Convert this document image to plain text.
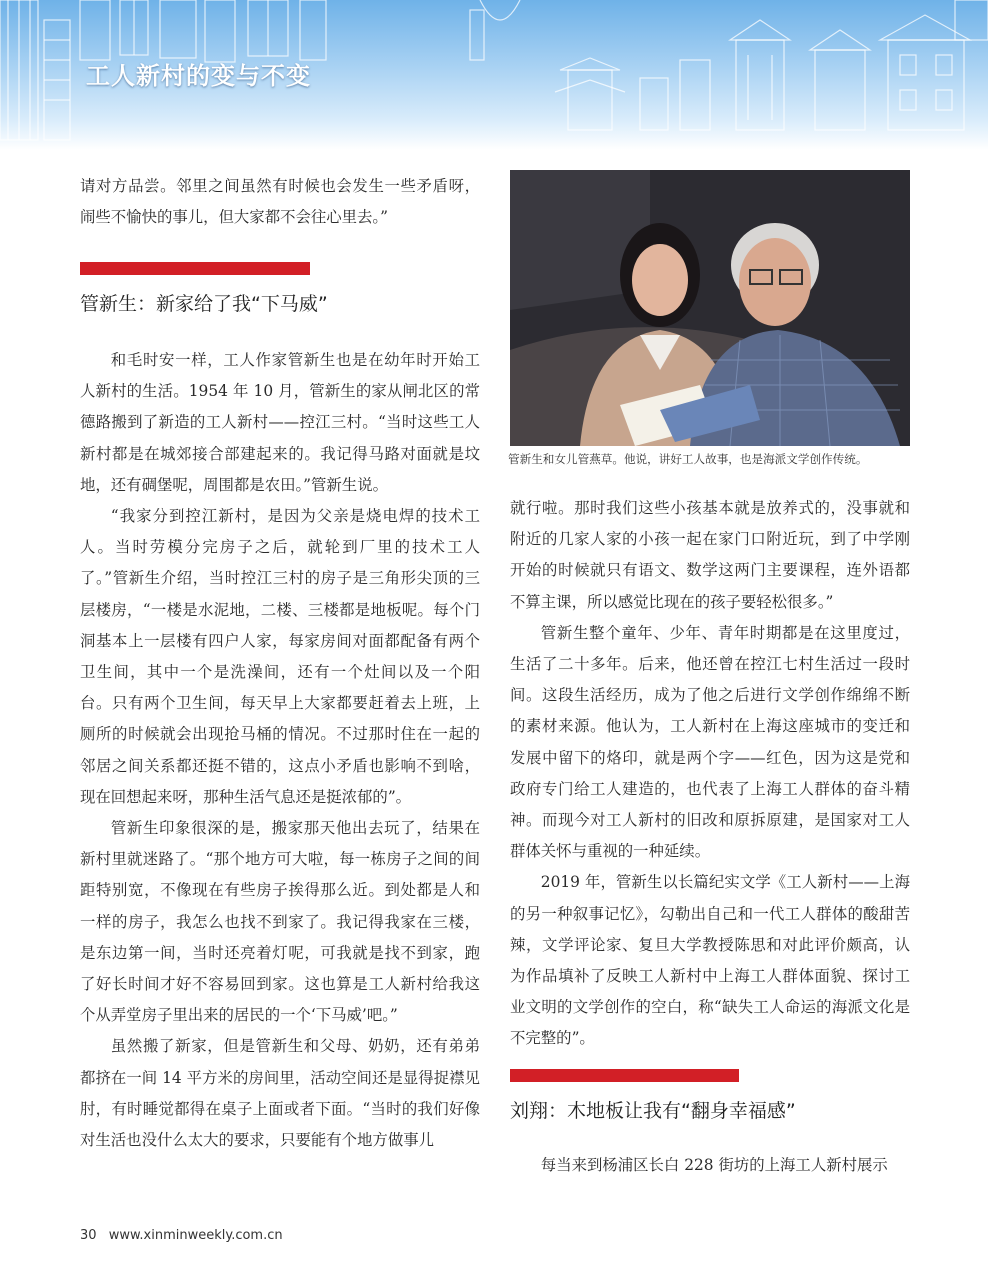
工人新村的变与不变

请对方品尝。邻里之间虽然有时候也会发生一些矛盾呀，闹些不愉快的事儿，但大家都不会往心里去。”

管新生：新家给了我“下马威”

和毛时安一样，工人作家管新生也是在幼年时开始工人新村的生活。1954 年 10 月，管新生的家从闸北区的常德路搬到了新造的工人新村——控江三村。“当时这些工人新村都是在城郊接合部建起来的。我记得马路对面就是坟地，还有碉堡呢，周围都是农田。”管新生说。

“我家分到控江新村，是因为父亲是烧电焊的技术工人。当时劳模分完房子之后，就轮到厂里的技术工人了。”管新生介绍，当时控江三村的房子是三角形尖顶的三层楼房，“一楼是水泥地，二楼、三楼都是地板呢。每个门洞基本上一层楼有四户人家，每家房间对面都配备有两个卫生间，其中一个是洗澡间，还有一个灶间以及一个阳台。只有两个卫生间，每天早上大家都要赶着去上班，上厕所的时候就会出现抢马桶的情况。不过那时住在一起的邻居之间关系都还挺不错的，这点小矛盾也影响不到啥，现在回想起来呀，那种生活气息还是挺浓郁的”。

管新生印象很深的是，搬家那天他出去玩了，结果在新村里就迷路了。“那个地方可大啦，每一栋房子之间的间距特别宽，不像现在有些房子挨得那么近。到处都是人和一样的房子，我怎么也找不到家了。我记得我家在三楼，是东边第一间，当时还亮着灯呢，可我就是找不到家，跑了好长时间才好不容易回到家。这也算是工人新村给我这个从弄堂房子里出来的居民的一个‘下马威’吧。”

虽然搬了新家，但是管新生和父母、奶奶，还有弟弟都挤在一间 14 平方米的房间里，活动空间还是显得捉襟见肘，有时睡觉都得在桌子上面或者下面。“当时的我们好像对生活也没什么太大的要求，只要能有个地方做事儿

管新生和女儿管燕草。他说，讲好工人故事，也是海派文学创作传统。

就行啦。那时我们这些小孩基本就是放养式的，没事就和附近的几家人家的小孩一起在家门口附近玩，到了中学刚开始的时候就只有语文、数学这两门主要课程，连外语都不算主课，所以感觉比现在的孩子要轻松很多。”

管新生整个童年、少年、青年时期都是在这里度过，生活了二十多年。后来，他还曾在控江七村生活过一段时间。这段生活经历，成为了他之后进行文学创作绵绵不断的素材来源。他认为，工人新村在上海这座城市的变迁和发展中留下的烙印，就是两个字——红色，因为这是党和政府专门给工人建造的，也代表了上海工人群体的奋斗精神。而现今对工人新村的旧改和原拆原建，是国家对工人群体关怀与重视的一种延续。

2019 年，管新生以长篇纪实文学《工人新村——上海的另一种叙事记忆》，勾勒出自己和一代工人群体的酸甜苦辣，文学评论家、复旦大学教授陈思和对此评价颇高，认为作品填补了反映工人新村中上海工人群体面貌、探讨工业文明的文学创作的空白，称“缺失工人命运的海派文化是不完整的”。

刘翔：木地板让我有“翻身幸福感”

每当来到杨浦区长白 228 街坊的上海工人新村展示

30 www.xinminweekly.com.cn
